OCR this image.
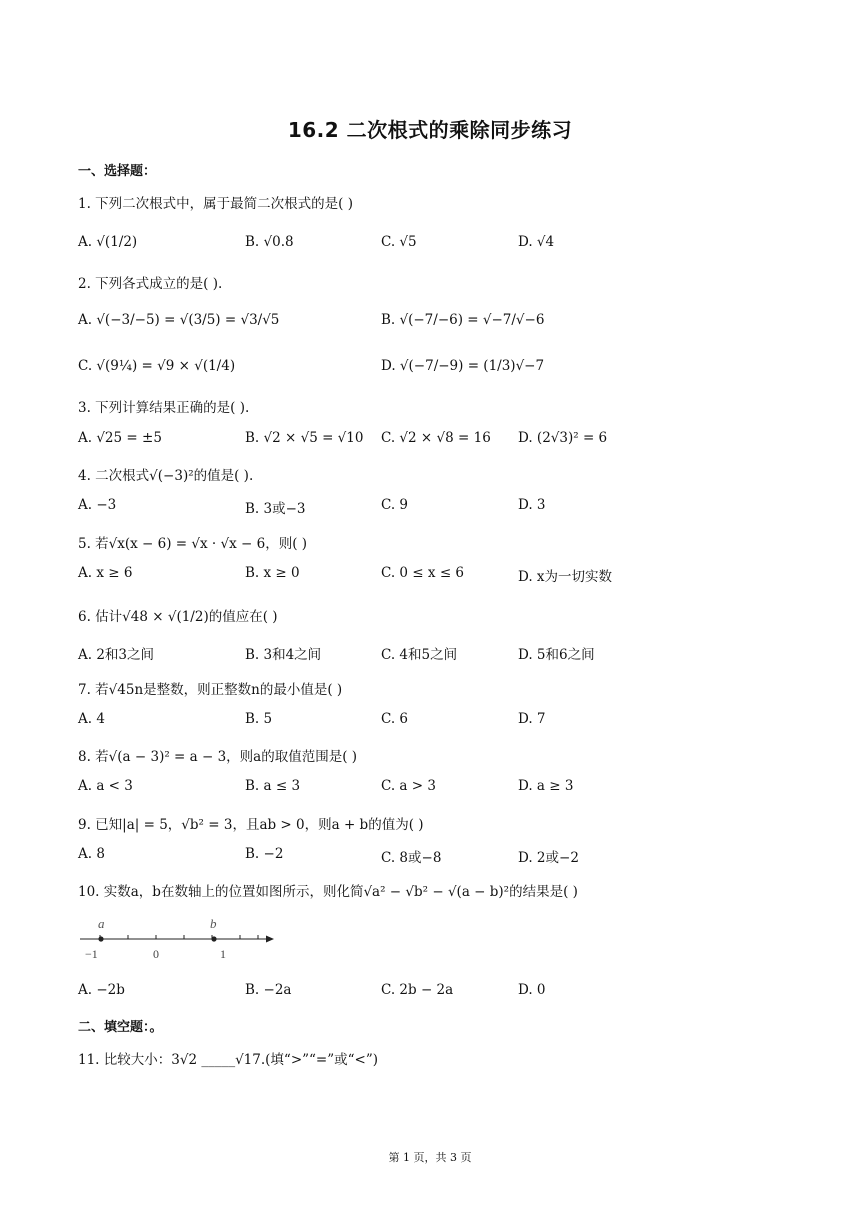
16.2 二次根式的乘除同步练习
一、选择题：
1. 下列二次根式中，属于最简二次根式的是( )
A. √(1/2)	B. √0.8	C. √5	D. √4
2. 下列各式成立的是( ).
A. √(−3/−5) = √(3/5) = √3/√5	B. √(−7/−6) = √−7/√−6
C. √(9¼) = √9 × √(1/4)	D. √(−7/−9) = (1/3)√−7
3. 下列计算结果正确的是( ).
A. √25 = ±5	B. √2 × √5 = √10 C. √2 × √8 = 16 D. (2√3)² = 6
4. 二次根式√(−3)²的值是( ).
A. −3	B. 3或−3	C. 9	D. 3
5. 若√x(x − 6) = √x · √x − 6，则( )
A. x ≥ 6	B. x ≥ 0	C. 0 ≤ x ≤ 6	D. x为一切实数
6. 估计√48 × √(1/2)的值应在( )
A. 2和3之间	B. 3和4之间	C. 4和5之间	D. 5和6之间
7. 若√45n是整数，则正整数n的最小值是( )
A. 4	B. 5	C. 6	D. 7
8. 若√(a − 3)² = a − 3，则a的取值范围是( )
A. a < 3	B. a ≤ 3	C. a > 3	D. a ≥ 3
9. 已知|a| = 5，√b² = 3，且ab > 0，则a + b的值为( )
A. 8	B. −2	C. 8或−8	D. 2或−2
10. 实数a，b在数轴上的位置如图所示，则化简√a² − √b² − √(a − b)²的结果是( )
a	b
−1	0	1
A. −2b	B. −2a	C. 2b − 2a	D. 0
二、填空题：。
11. 比较大小：3√2 _____√17.(填“>”“=”或“<”)
第 1 页，共 3 页
